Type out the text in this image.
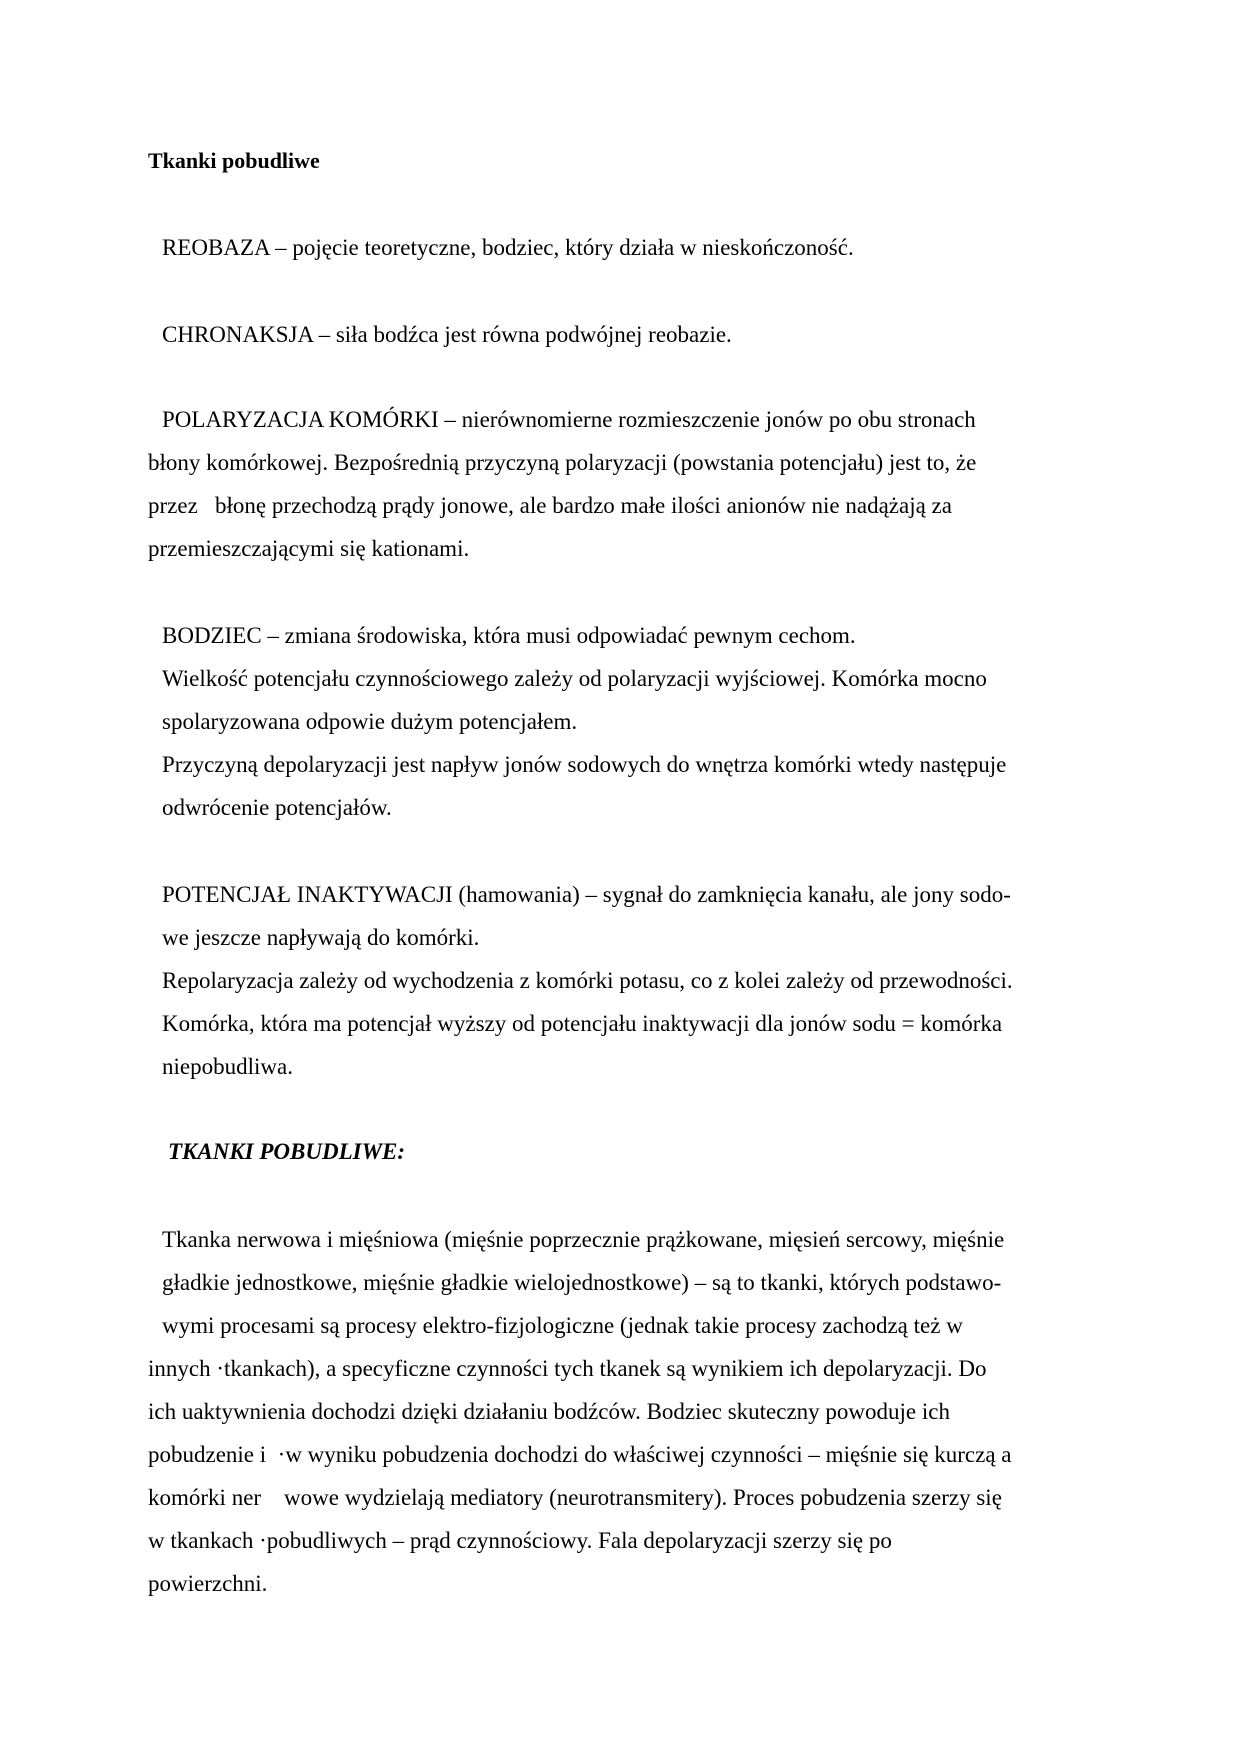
Tkanki pobudliwe

REOBAZA – pojęcie teoretyczne, bodziec, który działa w nieskończoność.

CHRONAKSJA – siła bodźca jest równa podwójnej reobazie.

POLARYZACJA KOMÓRKI – nierównomierne rozmieszczenie jonów po obu stronach

błony komórkowej. Bezpośrednią przyczyną polaryzacji (powstania potencjału) jest to, że

przez   błonę przechodzą prądy jonowe, ale bardzo małe ilości anionów nie nadążają za

przemieszczającymi się kationami.

BODZIEC – zmiana środowiska, która musi odpowiadać pewnym cechom.

Wielkość potencjału czynnościowego zależy od polaryzacji wyjściowej. Komórka mocno

spolaryzowana odpowie dużym potencjałem.

Przyczyną depolaryzacji jest napływ jonów sodowych do wnętrza komórki wtedy następuje

odwrócenie potencjałów.

POTENCJAŁ INAKTYWACJI (hamowania) – sygnał do zamknięcia kanału, ale jony sodo-

we jeszcze napływają do komórki.

Repolaryzacja zależy od wychodzenia z komórki potasu, co z kolei zależy od przewodności.

Komórka, która ma potencjał wyższy od potencjału inaktywacji dla jonów sodu = komórka

niepobudliwa.

TKANKI POBUDLIWE:

Tkanka nerwowa i mięśniowa (mięśnie poprzecznie prążkowane, mięsień sercowy, mięśnie

gładkie jednostkowe, mięśnie gładkie wielojednostkowe) – są to tkanki, których podstawo-

wymi procesami są procesy elektro-fizjologiczne (jednak takie procesy zachodzą też w

innych ·tkankach), a specyficzne czynności tych tkanek są wynikiem ich depolaryzacji. Do

ich uaktywnienia dochodzi dzięki działaniu bodźców. Bodziec skuteczny powoduje ich

pobudzenie i  ·w wyniku pobudzenia dochodzi do właściwej czynności – mięśnie się kurczą a

komórki ner    wowe wydzielają mediatory (neurotransmitery). Proces pobudzenia szerzy się

w tkankach ·pobudliwych – prąd czynnościowy. Fala depolaryzacji szerzy się po

powierzchni.
